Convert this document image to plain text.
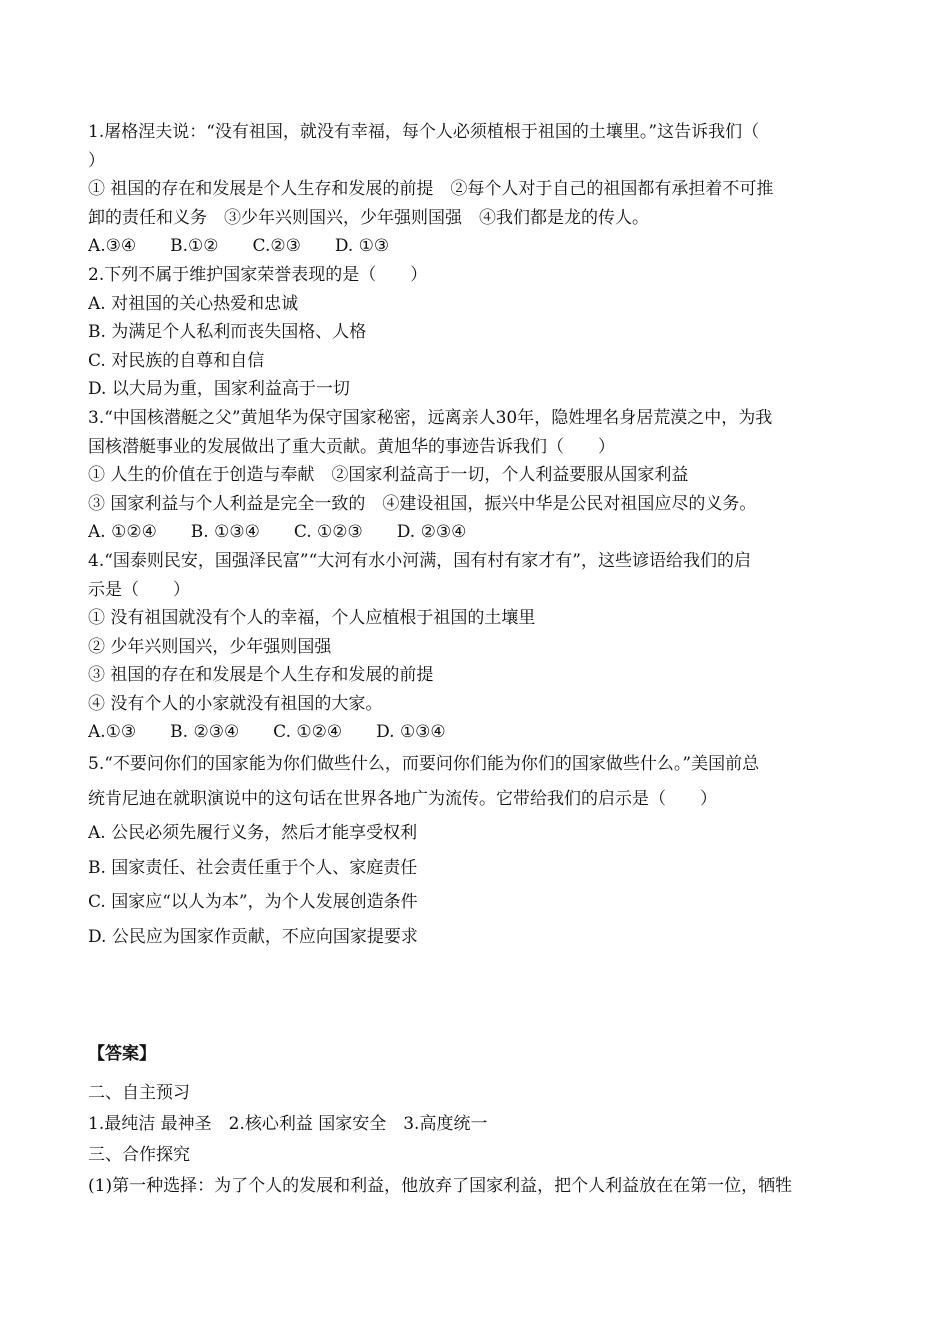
1.屠格涅夫说：“没有祖国，就没有幸福，每个人必须植根于祖国的土壤里。”这告诉我们（
）
① 祖国的存在和发展是个人生存和发展的前提　②每个人对于自己的祖国都有承担着不可推
卸的责任和义务　③少年兴则国兴，少年强则国强　④我们都是龙的传人。
A.③④　　B.①②　　C.②③　　D. ①③
2.下列不属于维护国家荣誉表现的是（　　）
A. 对祖国的关心热爱和忠诚
B. 为满足个人私利而丧失国格、人格
C. 对民族的自尊和自信
D. 以大局为重，国家利益高于一切
3.“中国核潜艇之父”黄旭华为保守国家秘密，远离亲人30年，隐姓埋名身居荒漠之中，为我
国核潜艇事业的发展做出了重大贡献。黄旭华的事迹告诉我们（　　）
① 人生的价值在于创造与奉献　②国家利益高于一切，个人利益要服从国家利益
③ 国家利益与个人利益是完全一致的　④建设祖国，振兴中华是公民对祖国应尽的义务。
A. ①②④　　B. ①③④　　C. ①②③　　D. ②③④
4.“国泰则民安，国强泽民富”“大河有水小河满，国有村有家才有”，这些谚语给我们的启
示是（　　）
① 没有祖国就没有个人的幸福，个人应植根于祖国的土壤里
② 少年兴则国兴，少年强则国强
③ 祖国的存在和发展是个人生存和发展的前提
④ 没有个人的小家就没有祖国的大家。
A.①③　　B. ②③④　　C. ①②④　　D. ①③④
5.“不要问你们的国家能为你们做些什么，而要问你们能为你们的国家做些什么。”美国前总
统肯尼迪在就职演说中的这句话在世界各地广为流传。它带给我们的启示是（　　）
A. 公民必须先履行义务，然后才能享受权利
B. 国家责任、社会责任重于个人、家庭责任
C. 国家应“以人为本”，为个人发展创造条件
D. 公民应为国家作贡献，不应向国家提要求
【答案】
二、自主预习
1.最纯洁 最神圣　2.核心利益 国家安全　3.高度统一
三、合作探究
(1)第一种选择：为了个人的发展和利益，他放弃了国家利益，把个人利益放在在第一位，牺牲
